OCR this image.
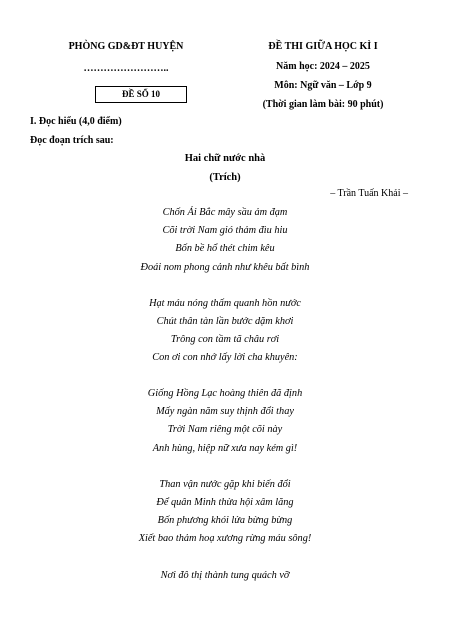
PHÒNG GD&ĐT HUYỆN
……………………..
ĐỀ SỐ 10
ĐỀ THI GIỮA HỌC KÌ I
Năm học: 2024 – 2025
Môn: Ngữ văn – Lớp 9
(Thời gian làm bài: 90 phút)
I. Đọc hiểu (4,0 điểm)
Đọc đoạn trích sau:
Hai chữ nước nhà
(Trích)
– Trần Tuấn Khải –
Chốn Ải Bắc mây sầu ảm đạm
Cõi trời Nam gió thảm đìu hiu
Bốn bề hổ thét chim kêu
Đoái nom phong cảnh như khêu bất bình
Hạt máu nóng thấm quanh hồn nước
Chút thân tàn lần bước dặm khơi
Trông con tầm tã châu rơi
Con ơi con nhớ lấy lời cha khuyên:
Giống Hồng Lạc hoàng thiên đã định
Mấy ngàn năm suy thịnh đổi thay
Trời Nam riêng một cõi này
Anh hùng, hiệp nữ xưa nay kém gì!
Than vận nước gặp khi biến đổi
Để quân Minh thừa hội xâm lăng
Bốn phương khói lửa bừng bừng
Xiết bao thảm hoạ xương rừng máu sông!
Nơi đô thị thành tung quách vỡ
